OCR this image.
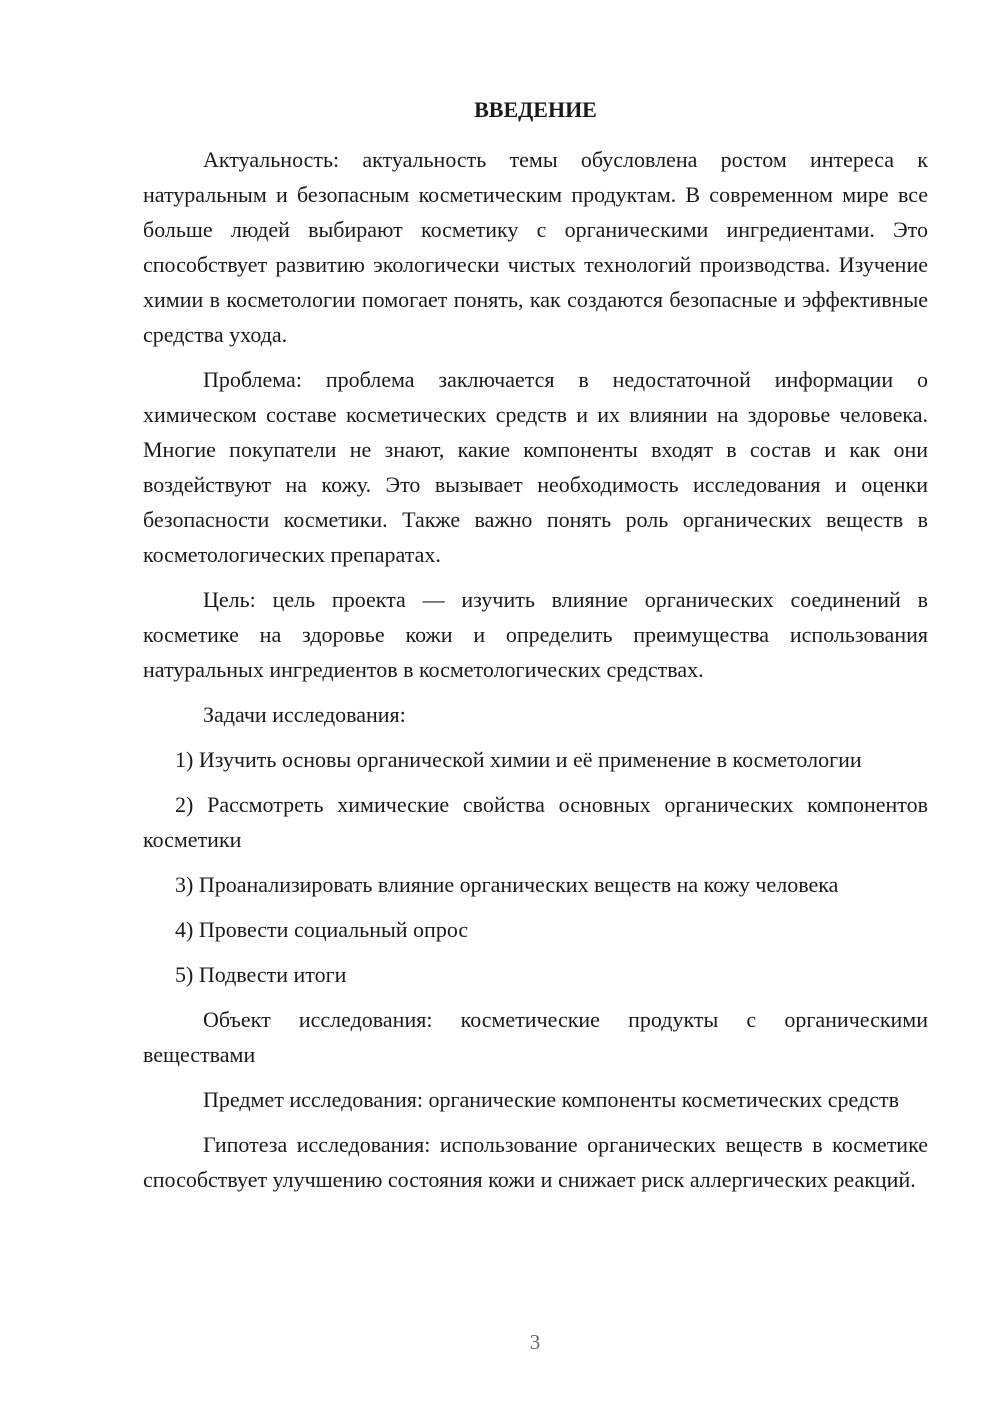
ВВЕДЕНИЕ

Актуальность: актуальность темы обусловлена ростом интереса к натуральным и безопасным косметическим продуктам. В современном мире все больше людей выбирают косметику с органическими ингредиентами. Это способствует развитию экологически чистых технологий производства. Изучение химии в косметологии помогает понять, как создаются безопасные и эффективные средства ухода.

Проблема: проблема заключается в недостаточной информации о химическом составе косметических средств и их влиянии на здоровье человека. Многие покупатели не знают, какие компоненты входят в состав и как они воздействуют на кожу. Это вызывает необходимость исследования и оценки безопасности косметики. Также важно понять роль органических веществ в косметологических препаратах.

Цель: цель проекта — изучить влияние органических соединений в косметике на здоровье кожи и определить преимущества использования натуральных ингредиентов в косметологических средствах.

Задачи исследования:

1) Изучить основы органической химии и её применение в косметологии

2) Рассмотреть химические свойства основных органических компонентов косметики

3) Проанализировать влияние органических веществ на кожу человека

4) Провести социальный опрос

5) Подвести итоги

Объект исследования: косметические продукты с органическими веществами

Предмет исследования: органические компоненты косметических средств

Гипотеза исследования: использование органических веществ в косметике способствует улучшению состояния кожи и снижает риск аллергических реакций.

3
